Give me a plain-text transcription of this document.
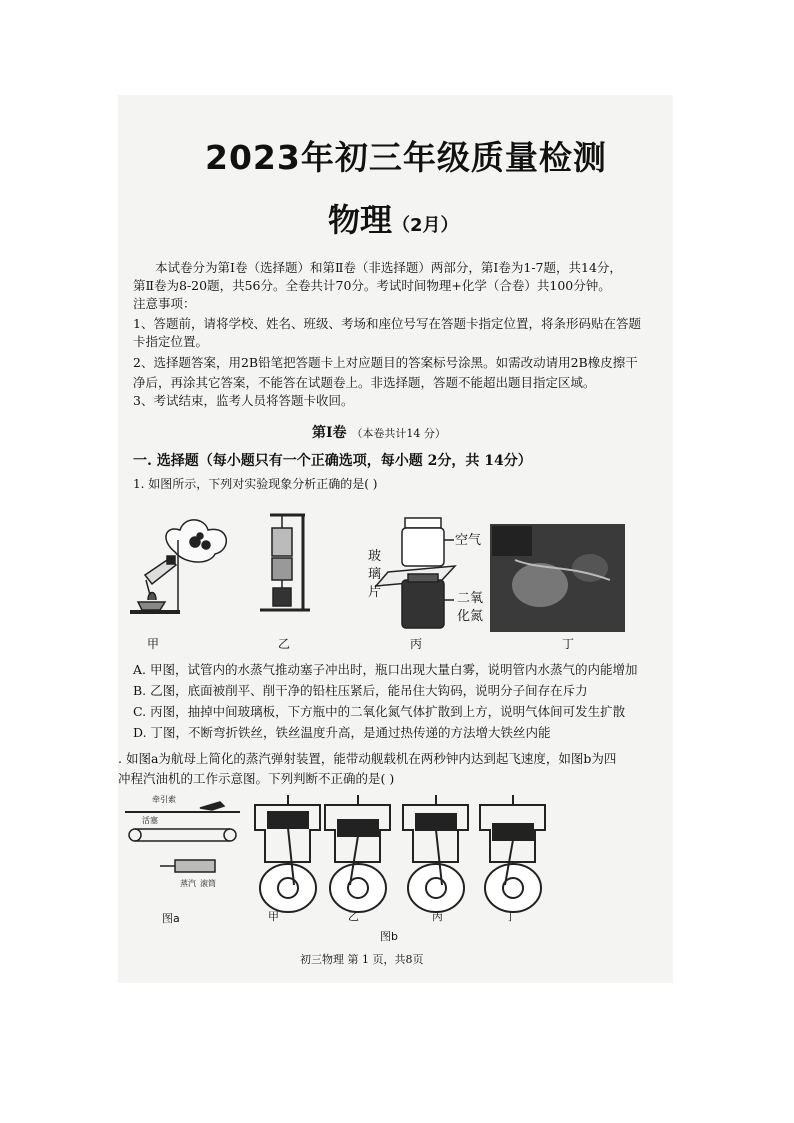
2023年初三年级质量检测
物理（2月）
本试卷分为第Ⅰ卷（选择题）和第Ⅱ卷（非选择题）两部分，第Ⅰ卷为1-7题，共14分，
第Ⅱ卷为8-20题，共56分。全卷共计70分。考试时间物理+化学（合卷）共100分钟。
注意事项：
1、答题前，请将学校、姓名、班级、考场和座位号写在答题卡指定位置，将条形码贴在答题
卡指定位置。
2、选择题答案，用2B铅笔把答题卡上对应题目的答案标号涂黑。如需改动请用2B橡皮擦干
净后，再涂其它答案，不能答在试题卷上。非选择题，答题不能超出题目指定区域。
3、考试结束，监考人员将答题卡收回。
第Ⅰ卷 （本卷共计14 分）
一. 选择题（每小题只有一个正确选项，每小题 2分，共 14分）
1. 如图所示，下列对实验现象分析正确的是( )
空气
玻
璃
片	二氧
化氮
甲	乙	丙	丁
A. 甲图，试管内的水蒸气推动塞子冲出时，瓶口出现大量白雾，说明管内水蒸气的内能增加
B. 乙图，底面被削平、削干净的铅柱压紧后，能吊住大钩码，说明分子间存在斥力
C. 丙图，抽掉中间玻璃板，下方瓶中的二氧化氮气体扩散到上方，说明气体间可发生扩散
D. 丁图，不断弯折铁丝，铁丝温度升高，是通过热传递的方法增大铁丝内能
. 如图a为航母上简化的蒸汽弹射装置，能带动舰载机在两秒钟内达到起飞速度，如图b为四
冲程汽油机的工作示意图。下列判断不正确的是( )
牵引索
活塞
蒸汽 滚筒
图a	甲	乙	丙	丁
图b
初三物理 第 1 页，共8页
